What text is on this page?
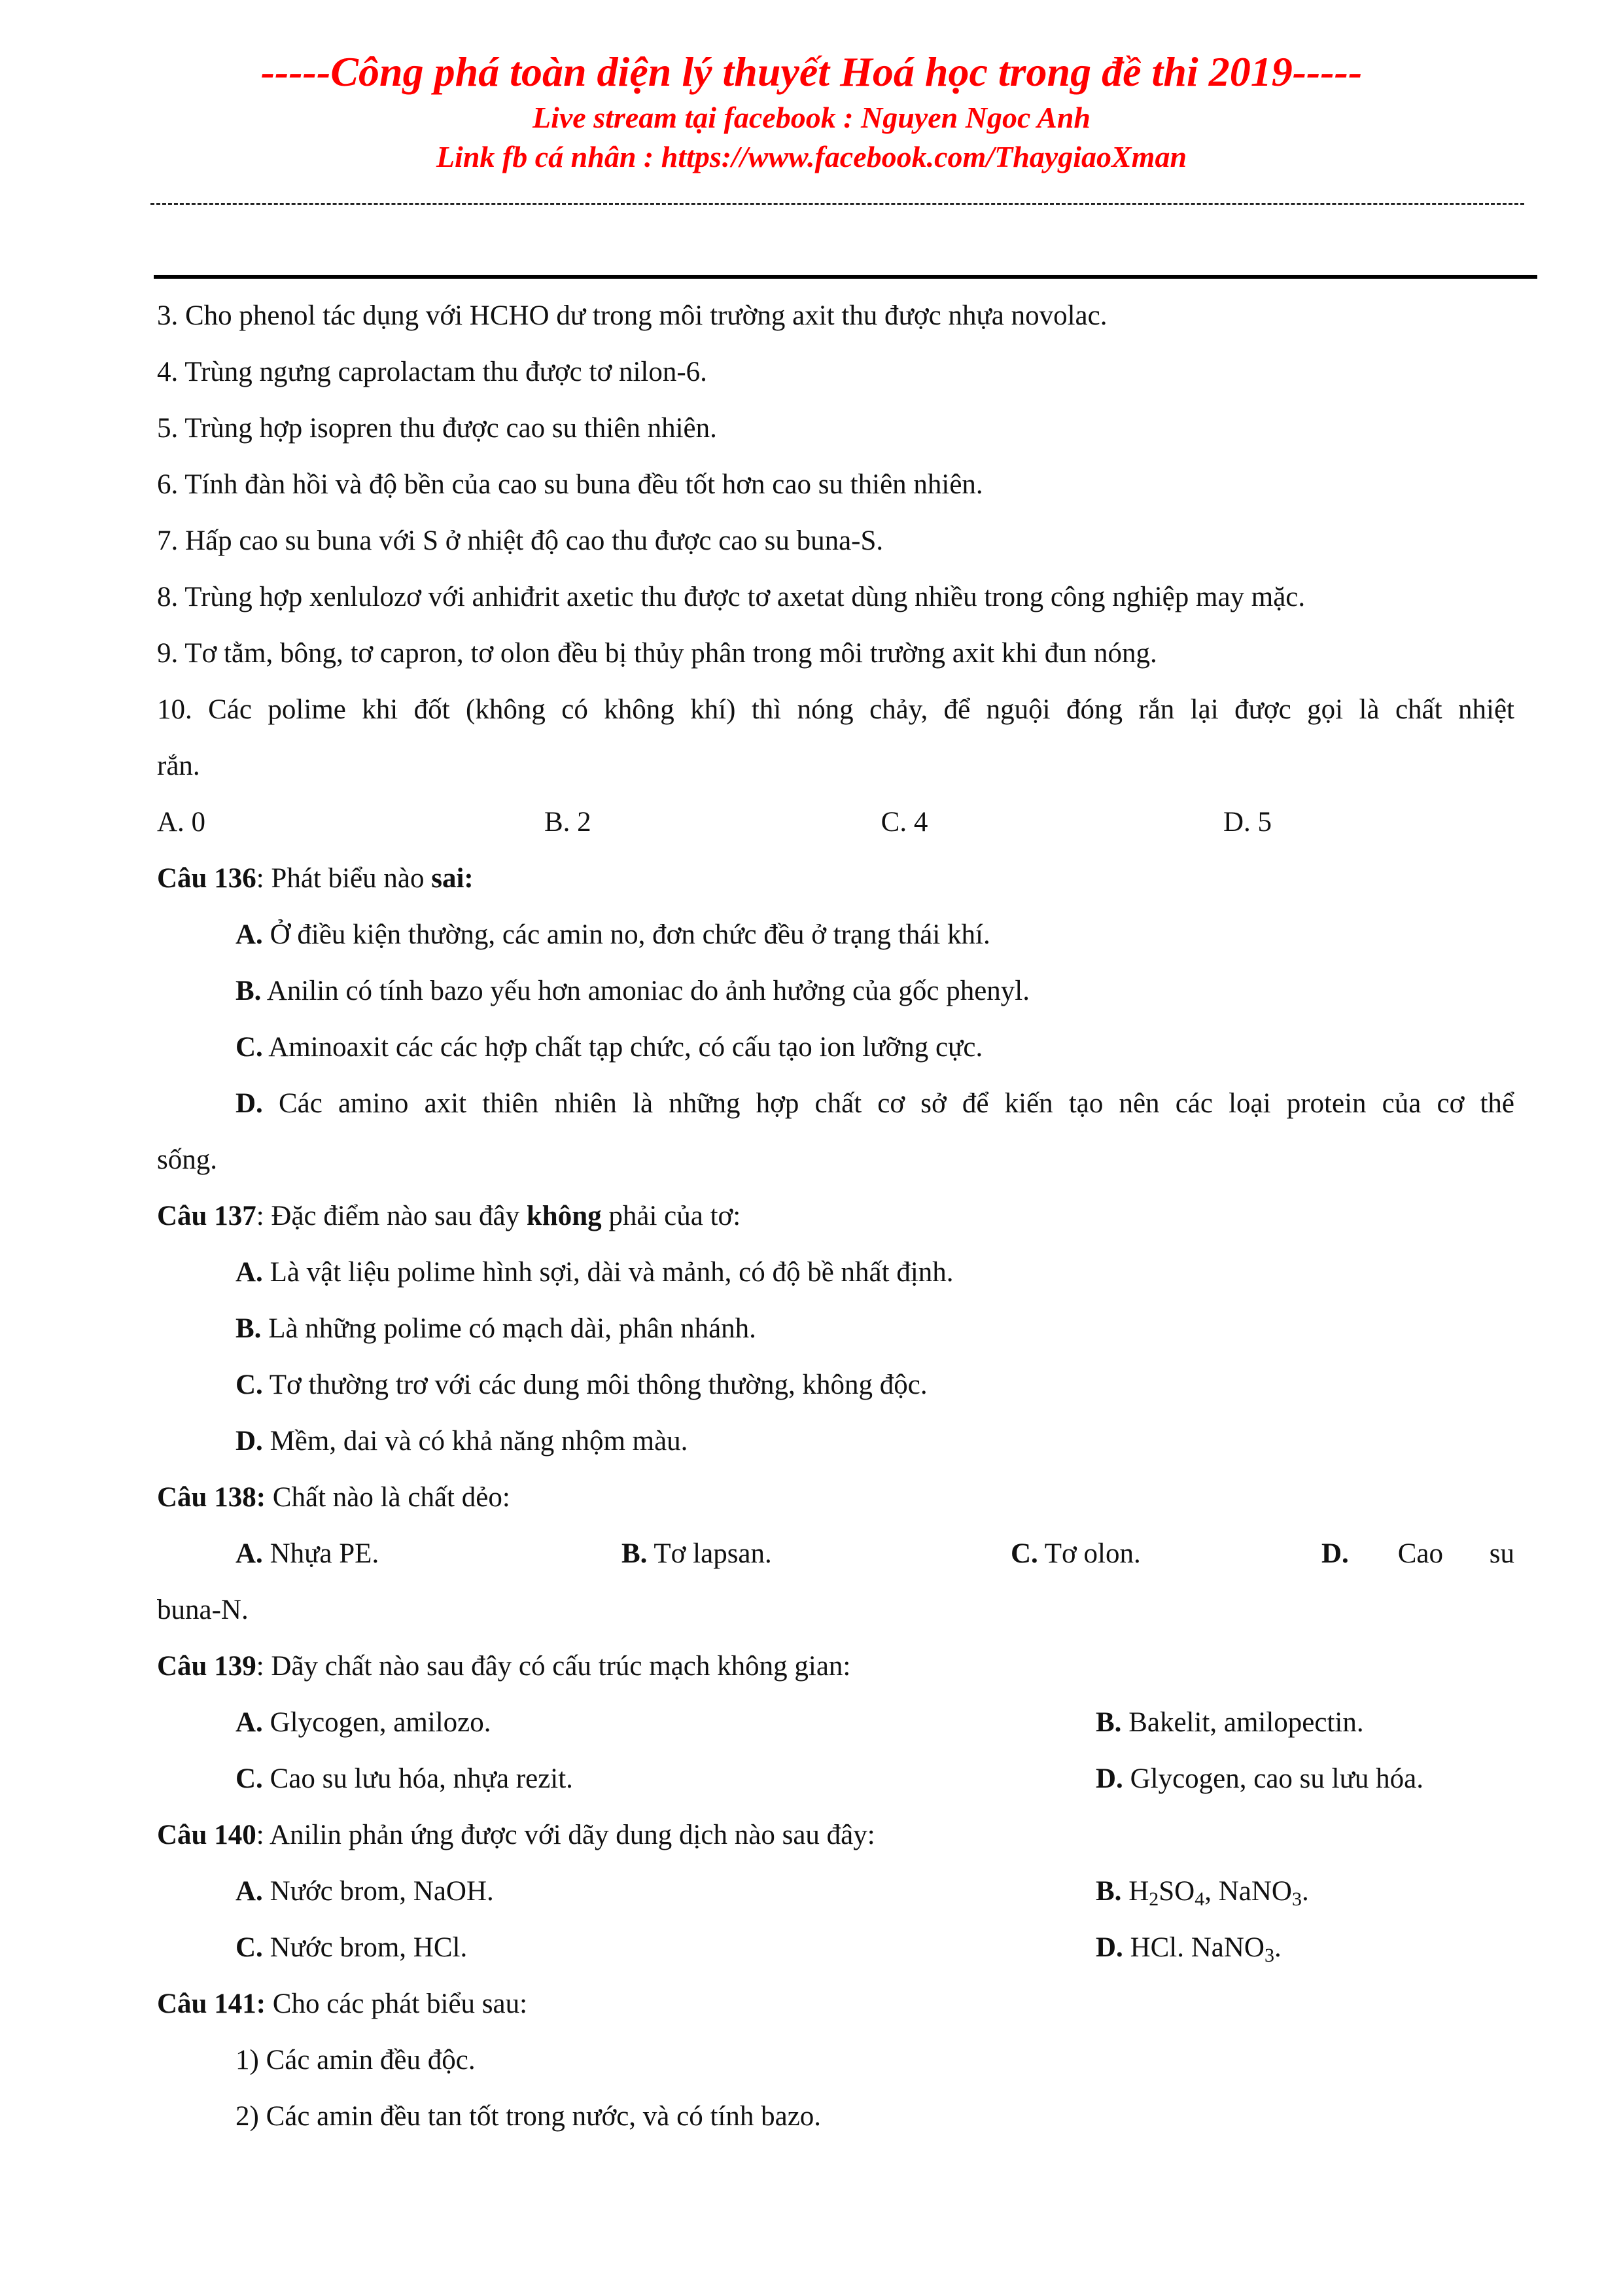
-----Công phá toàn diện lý thuyết Hoá học trong đề thi 2019-----
Live stream tại facebook : Nguyen Ngoc Anh
Link fb cá nhân : https://www.facebook.com/ThaygiaoXman
3. Cho phenol tác dụng với HCHO dư trong môi trường axit thu được nhựa novolac.
4. Trùng ngưng caprolactam thu được tơ nilon-6.
5. Trùng hợp isopren thu được cao su thiên nhiên.
6. Tính đàn hồi và độ bền của cao su buna đều tốt hơn cao su thiên nhiên.
7. Hấp cao su buna với S ở nhiệt độ cao thu được cao su buna-S.
8. Trùng hợp xenlulozơ với anhiđrit axetic thu được tơ axetat dùng nhiều trong công nghiệp may mặc.
9. Tơ tằm, bông, tơ capron, tơ olon đều bị thủy phân trong môi trường axit khi đun nóng.
10. Các polime khi đốt (không có không khí) thì nóng chảy, để nguội đóng rắn lại được gọi là chất nhiệt
rắn.
A. 0	B. 2	C. 4	D. 5
Câu 136: Phát biểu nào sai:
A. Ở điều kiện thường, các amin no, đơn chức đều ở trạng thái khí.
B. Anilin có tính bazo yếu hơn amoniac do ảnh hưởng của gốc phenyl.
C. Aminoaxit các các hợp chất tạp chức, có cấu tạo ion lưỡng cực.
D. Các amino axit thiên nhiên là những hợp chất cơ sở để kiến tạo nên các loại protein của cơ thể
sống.
Câu 137: Đặc điểm nào sau đây không phải của tơ:
A. Là vật liệu polime hình sợi, dài và mảnh, có độ bề nhất định.
B. Là những polime có mạch dài, phân nhánh.
C. Tơ thường trơ với các dung môi thông thường, không độc.
D. Mềm, dai và có khả năng nhộm màu.
Câu 138: Chất nào là chất dẻo:
A. Nhựa PE.	B. Tơ lapsan.	C. Tơ olon.	D. Cao su
buna-N.
Câu 139: Dãy chất nào sau đây có cấu trúc mạch không gian:
A. Glycogen, amilozo.	B. Bakelit, amilopectin.
C. Cao su lưu hóa, nhựa rezit.	D. Glycogen, cao su lưu hóa.
Câu 140: Anilin phản ứng được với dãy dung dịch nào sau đây:
A. Nước brom, NaOH.	B. $H_2SO_4$, NaNO$_3$.
C. Nước brom, HCl.	D. HCl. NaNO$_3$.
Câu 141: Cho các phát biểu sau:
1) Các amin đều độc.
2) Các amin đều tan tốt trong nước, và có tính bazo.
